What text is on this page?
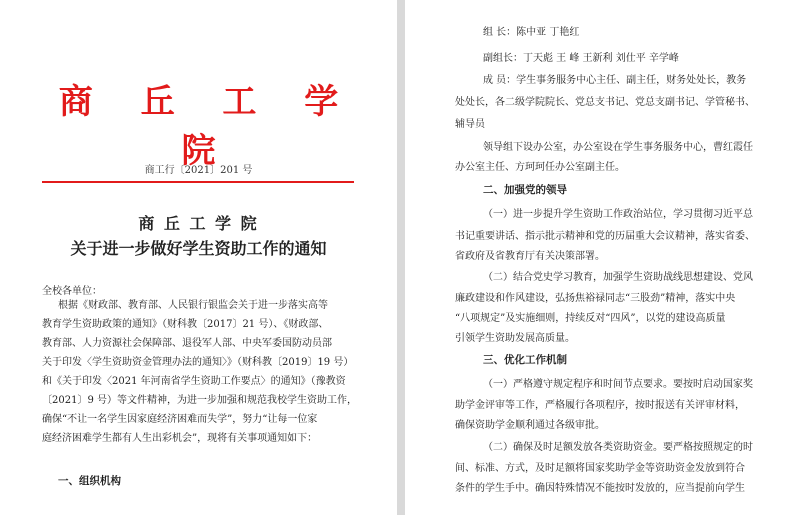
商 丘 工 学 院
商工行〔2021〕201 号
商 丘 工 学 院
关于进一步做好学生资助工作的通知
全校各单位：
根据《财政部、教育部、人民银行银监会关于进一步落实高等
教育学生资助政策的通知》（财科教〔2017〕21 号）、《财政部、
教育部、人力资源社会保障部、退役军人部、中央军委国防动员部
关于印发〈学生资助资金管理办法的通知〉》（财科教〔2019〕19 号）
和《关于印发〈2021 年河南省学生资助工作要点〉的通知》（豫教资
〔2021〕9 号）等文件精神，为进一步加强和规范我校学生资助工作，
确保“不让一名学生因家庭经济困难而失学”，努力“让每一位家
庭经济困难学生都有人生出彩机会”，现将有关事项通知如下：
一、组织机构
组 长：陈中亚 丁艳红
副组长：丁天彪 王 峰 王新利 刘仕平 辛学峰
成 员：学生事务服务中心主任、副主任，财务处处长，教务
处处长，各二级学院院长、党总支书记、党总支副书记、学管秘书、
辅导员
领导组下设办公室，办公室设在学生事务服务中心，曹红霞任
办公室主任、方珂珂任办公室副主任。
二、加强党的领导
（一）进一步提升学生资助工作政治站位，学习贯彻习近平总
书记重要讲话、指示批示精神和党的历届重大会议精神，落实省委、
省政府及省教育厅有关决策部署。
（二）结合党史学习教育，加强学生资助战线思想建设、党风
廉政建设和作风建设，弘扬焦裕禄同志“三股劲”精神，落实中央
“八项规定”及实施细则，持续反对“四风”，以党的建设高质量
引领学生资助发展高质量。
三、优化工作机制
（一）严格遵守规定程序和时间节点要求。要按时启动国家奖
助学金评审等工作，严格履行各项程序，按时报送有关评审材料，
确保资助学金顺利通过各级审批。
（二）确保及时足额发放各类资助资金。要严格按照规定的时
间、标准、方式，及时足额将国家奖助学金等资助资金发放到符合
条件的学生手中。确因特殊情况不能按时发放的，应当提前向学生
